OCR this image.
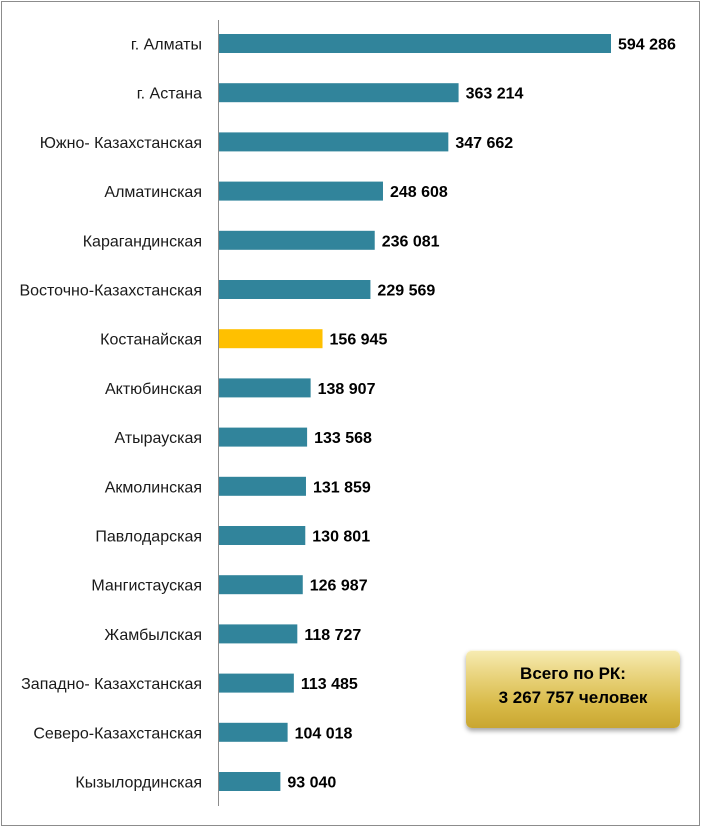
г. Алматы
г. Астана
Южно- Казахстанская
Алматинская
Карагандинская
Восточно-Казахстанская
Костанайская
Актюбинская
Атырауская
Акмолинская
Павлодарская
Мангистауская
Жамбылская
Западно- Казахстанская
Северо-Казахстанская
Кызылординская
594 286
363 214
347 662
248 608
236 081
229 569
156 945
138 907
133 568
131 859
130 801
126 987
118 727
113 485
104 018
93 040
Всего по РК:
3 267 757 человек
